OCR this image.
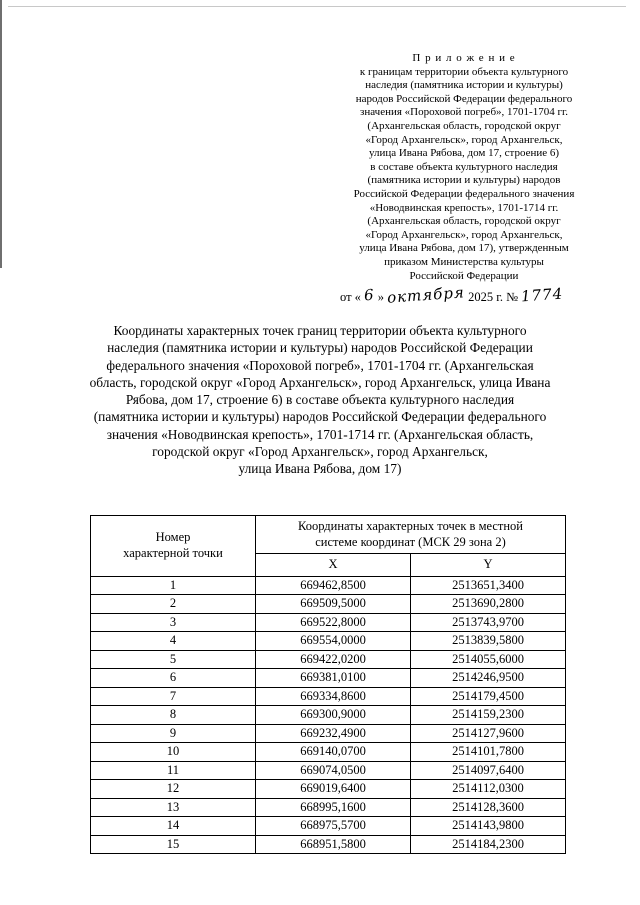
П р и л о ж е н и е
к границам территории объекта культурного
наследия (памятника истории и культуры)
народов Российской Федерации федерального
значения «Пороховой погреб», 1701-1704 гг.
(Архангельская область, городской округ
«Город Архангельск», город Архангельск,
улица Ивана Рябова, дом 17, строение 6)
в составе объекта культурного наследия
(памятника истории и культуры) народов
Российской Федерации федерального значения
«Новодвинская крепость», 1701-1714 гг.
(Архангельская область, городской округ
«Город Архангельск», город Архангельск,
улица Ивана Рябова, дом 17), утвержденным
приказом Министерства культуры
Российской Федерации
от « 6 » октября 2025 г. № 1774
Координаты характерных точек границ территории объекта культурного
наследия (памятника истории и культуры) народов Российской Федерации
федерального значения «Пороховой погреб», 1701-1704 гг. (Архангельская
область, городской округ «Город Архангельск», город Архангельск, улица Ивана
Рябова, дом 17, строение 6) в составе объекта культурного наследия
(памятника истории и культуры) народов Российской Федерации федерального
значения «Новодвинская крепость», 1701-1714 гг. (Архангельская область,
городской округ «Город Архангельск», город Архангельск,
улица Ивана Рябова, дом 17)
Номер
характерной точки

Координаты характерных точек в местной
системе координат (МСК 29 зона 2)

	X	Y
1	669462,8500	2513651,3400
2	669509,5000	2513690,2800
3	669522,8000	2513743,9700
4	669554,0000	2513839,5800
5	669422,0200	2514055,6000
6	669381,0100	2514246,9500
7	669334,8600	2514179,4500
8	669300,9000	2514159,2300
9	669232,4900	2514127,9600
10	669140,0700	2514101,7800
11	669074,0500	2514097,6400
12	669019,6400	2514112,0300
13	668995,1600	2514128,3600
14	668975,5700	2514143,9800
15	668951,5800	2514184,2300
